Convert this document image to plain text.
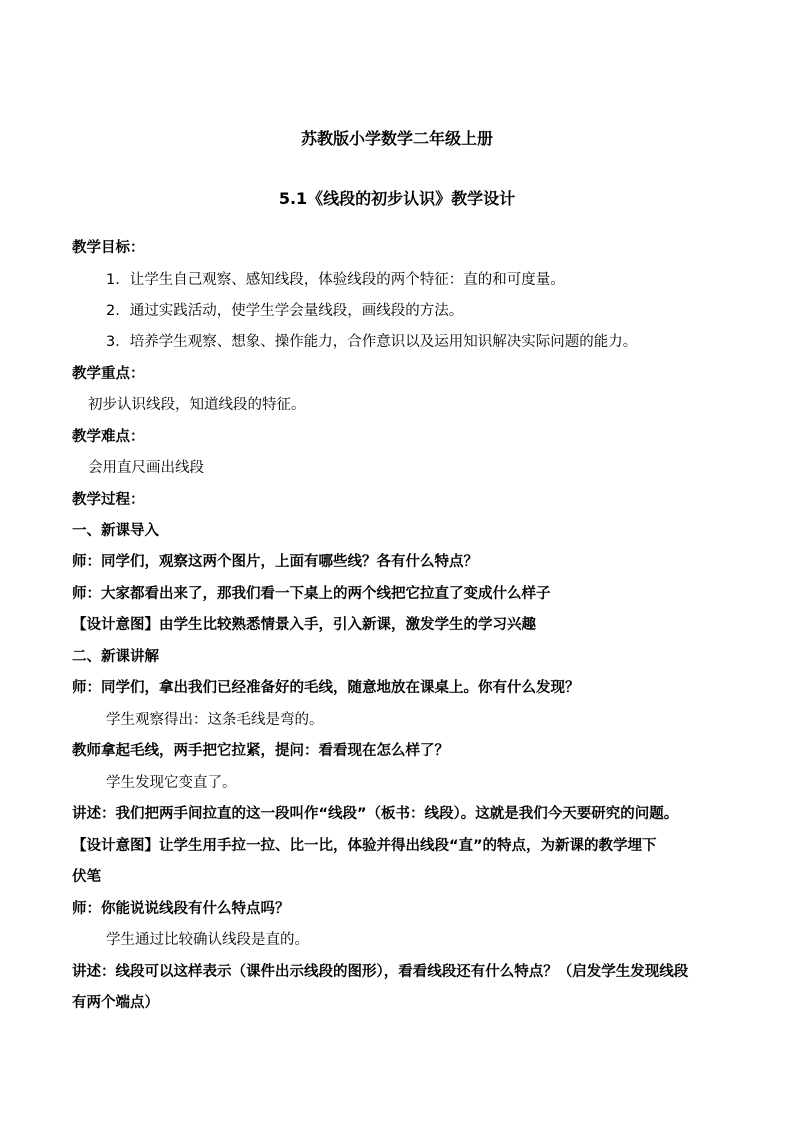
苏教版小学数学二年级上册
5.1《线段的初步认识》教学设计
教学目标：
1．让学生自己观察、感知线段，体验线段的两个特征：直的和可度量。
2．通过实践活动，使学生学会量线段，画线段的方法。
3．培养学生观察、想象、操作能力，合作意识以及运用知识解决实际问题的能力。
教学重点：
初步认识线段，知道线段的特征。
教学难点：
会用直尺画出线段
教学过程：
一、新课导入
师：同学们，观察这两个图片，上面有哪些线？各有什么特点？
师：大家都看出来了，那我们看一下桌上的两个线把它拉直了变成什么样子
【设计意图】由学生比较熟悉情景入手，引入新课，激发学生的学习兴趣
二、新课讲解
师：同学们，拿出我们已经准备好的毛线，随意地放在课桌上。你有什么发现？
学生观察得出：这条毛线是弯的。
教师拿起毛线，两手把它拉紧，提问：看看现在怎么样了？
学生发现它变直了。
讲述：我们把两手间拉直的这一段叫作“线段”（板书：线段）。这就是我们今天要研究的问题。
【设计意图】让学生用手拉一拉、比一比，体验并得出线段“直”的特点，为新课的教学埋下
伏笔
师：你能说说线段有什么特点吗？
学生通过比较确认线段是直的。
讲述：线段可以这样表示（课件出示线段的图形），看看线段还有什么特点？（启发学生发现线段
有两个端点）
